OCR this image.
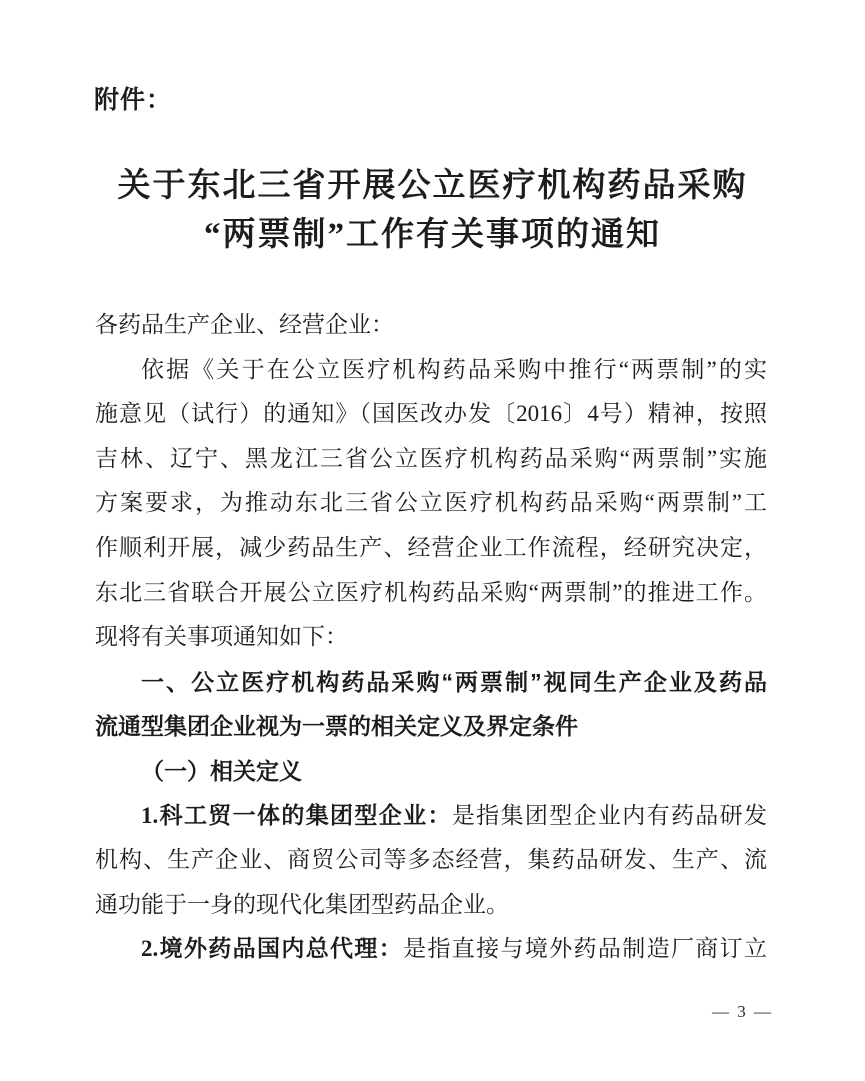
附件：
关于东北三省开展公立医疗机构药品采购
“两票制”工作有关事项的通知
各药品生产企业、经营企业：
依据《关于在公立医疗机构药品采购中推行“两票制”的实
施意见（试行）的通知》（国医改办发〔2016〕4号）精神，按照
吉林、辽宁、黑龙江三省公立医疗机构药品采购“两票制”实施
方案要求，为推动东北三省公立医疗机构药品采购“两票制”工
作顺利开展，减少药品生产、经营企业工作流程，经研究决定，
东北三省联合开展公立医疗机构药品采购“两票制”的推进工作。
现将有关事项通知如下：
一、公立医疗机构药品采购“两票制”视同生产企业及药品
流通型集团企业视为一票的相关定义及界定条件
（一）相关定义
1.科工贸一体的集团型企业：是指集团型企业内有药品研发
机构、生产企业、商贸公司等多态经营，集药品研发、生产、流
通功能于一身的现代化集团型药品企业。
2.境外药品国内总代理：是指直接与境外药品制造厂商订立
— 3 —
